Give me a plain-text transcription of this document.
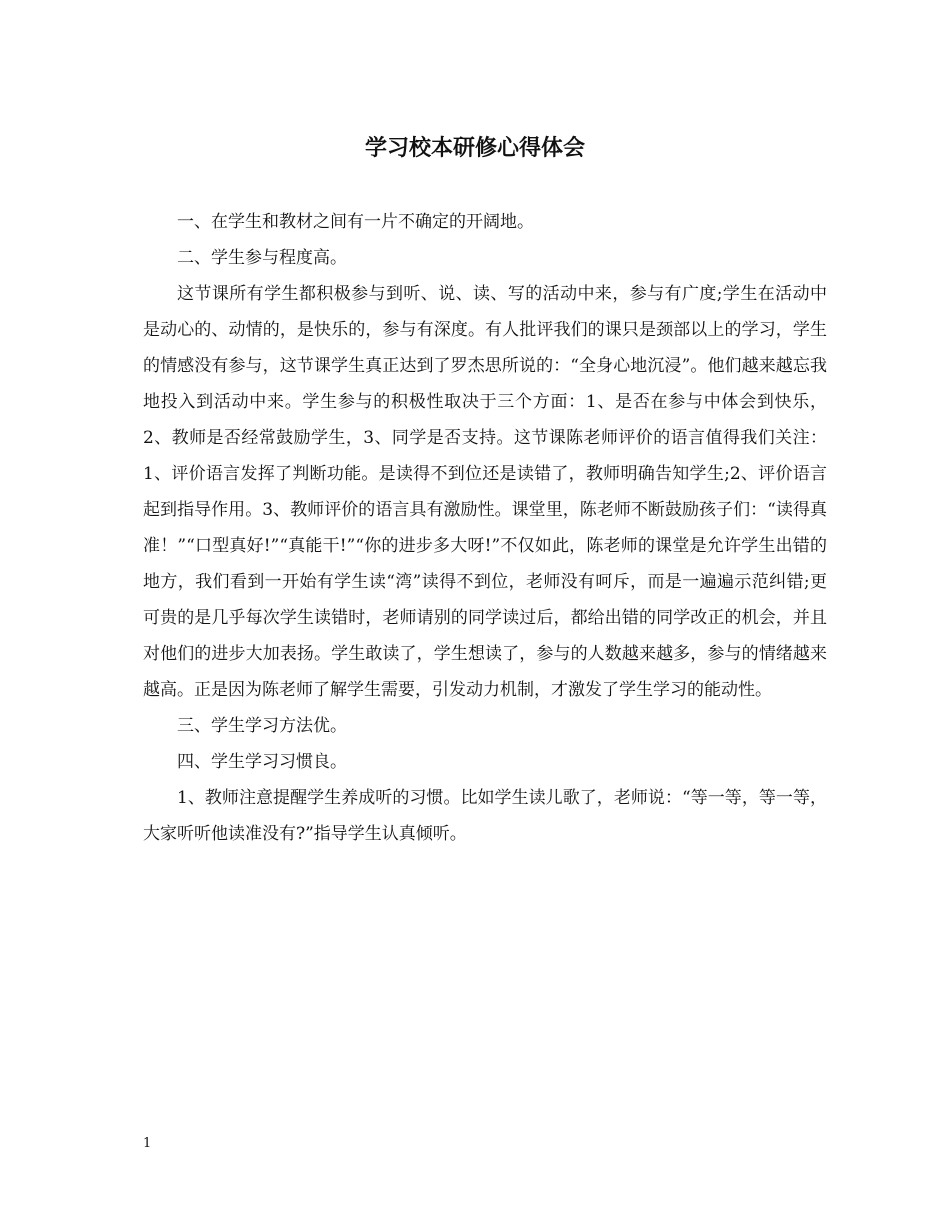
学习校本研修心得体会

一、在学生和教材之间有一片不确定的开阔地。

二、学生参与程度高。

这节课所有学生都积极参与到听、说、读、写的活动中来，参与有广度;学生在活动中是动心的、动情的，是快乐的，参与有深度。有人批评我们的课只是颈部以上的学习，学生的情感没有参与，这节课学生真正达到了罗杰思所说的：“全身心地沉浸”。他们越来越忘我地投入到活动中来。学生参与的积极性取决于三个方面：1、是否在参与中体会到快乐，2、教师是否经常鼓励学生，3、同学是否支持。这节课陈老师评价的语言值得我们关注：1、评价语言发挥了判断功能。是读得不到位还是读错了，教师明确告知学生;2、评价语言起到指导作用。3、教师评价的语言具有激励性。课堂里，陈老师不断鼓励孩子们：“读得真准！”“口型真好!”“真能干!”“你的进步多大呀!”不仅如此，陈老师的课堂是允许学生出错的地方，我们看到一开始有学生读“湾”读得不到位，老师没有呵斥，而是一遍遍示范纠错;更可贵的是几乎每次学生读错时，老师请别的同学读过后，都给出错的同学改正的机会，并且对他们的进步大加表扬。学生敢读了，学生想读了，参与的人数越来越多，参与的情绪越来越高。正是因为陈老师了解学生需要，引发动力机制，才激发了学生学习的能动性。

三、学生学习方法优。

四、学生学习习惯良。

1、教师注意提醒学生养成听的习惯。比如学生读儿歌了，老师说：“等一等，等一等，大家听听他读准没有?”指导学生认真倾听。

1
